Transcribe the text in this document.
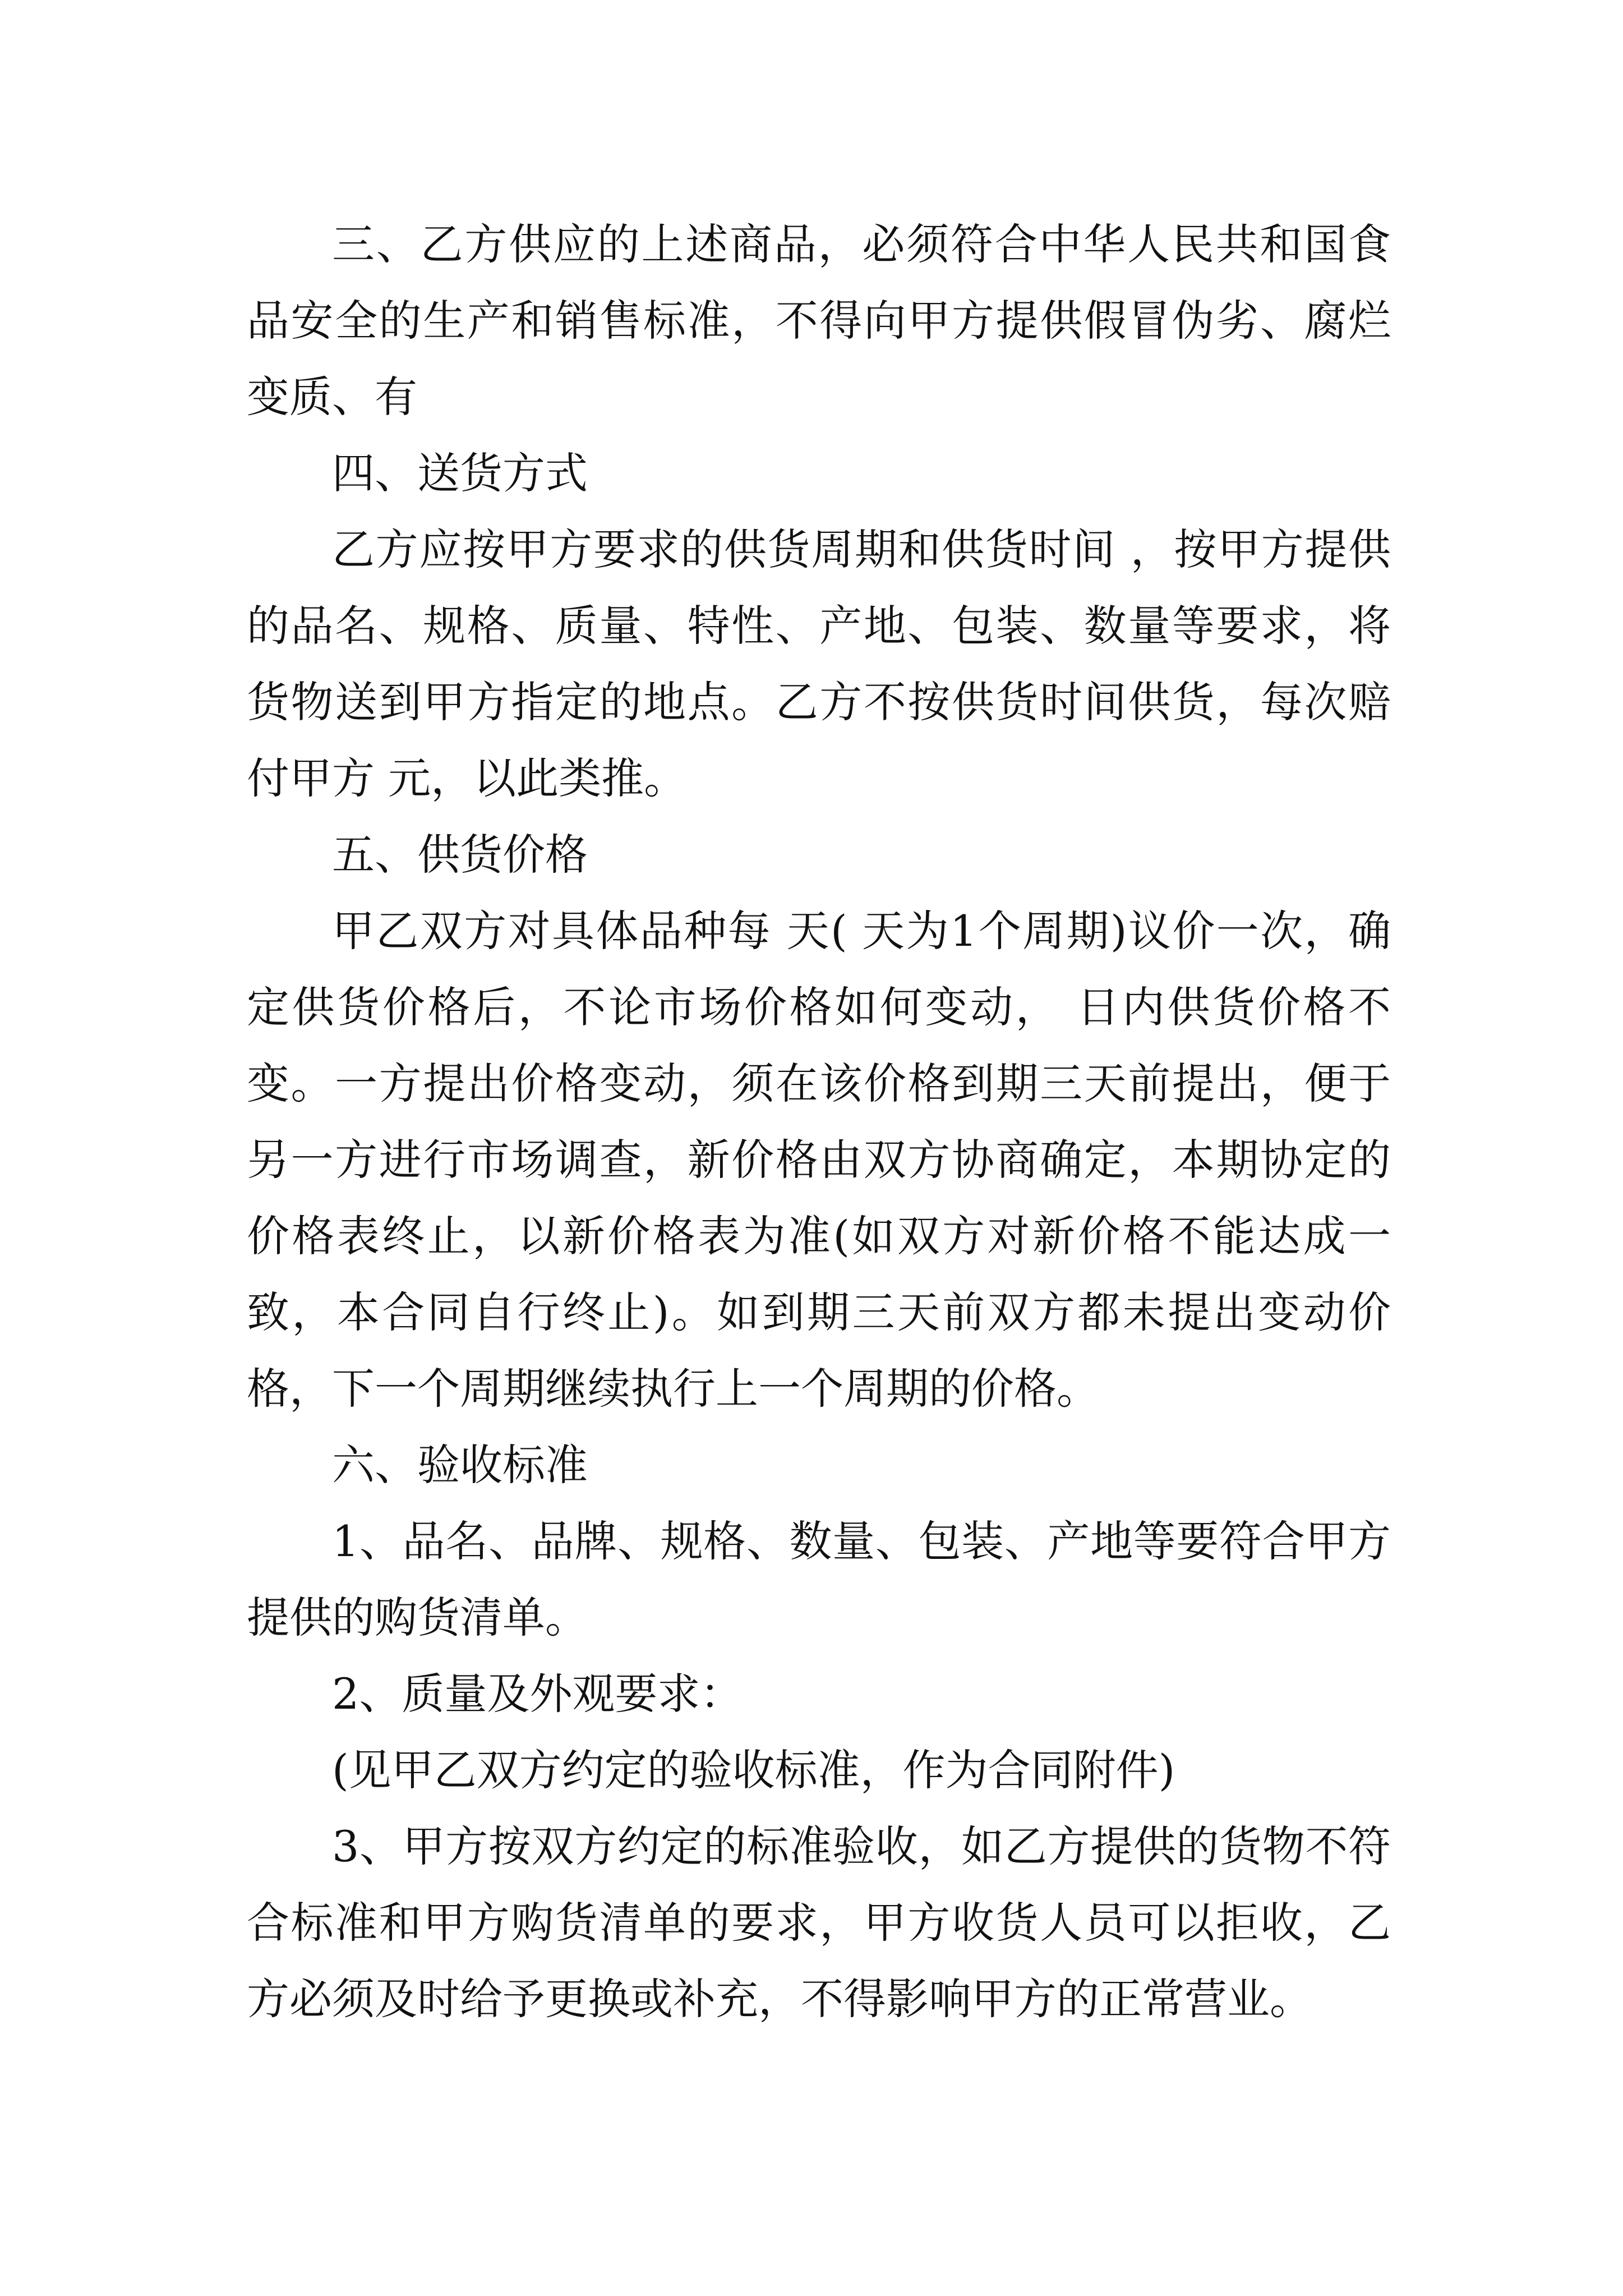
三、乙方供应的上述商品，必须符合中华人民共和国食品安全的生产和销售标准，不得向甲方提供假冒伪劣、腐烂变质、有

四、送货方式

乙方应按甲方要求的供货周期和供货时间 ，按甲方提供的品名、规格、质量、特性、产地、包装、数量等要求，将货物送到甲方指定的地点。乙方不按供货时间供货，每次赔付甲方 元，以此类推。

五、供货价格

甲乙双方对具体品种每 天( 天为1个周期)议价一次，确定供货价格后，不论市场价格如何变动， 日内供货价格不变。一方提出价格变动，须在该价格到期三天前提出，便于另一方进行市场调查，新价格由双方协商确定，本期协定的价格表终止，以新价格表为准(如双方对新价格不能达成一致，本合同自行终止)。如到期三天前双方都未提出变动价格，下一个周期继续执行上一个周期的价格。

六、验收标准

1、品名、品牌、规格、数量、包装、产地等要符合甲方提供的购货清单。

2、质量及外观要求：

(见甲乙双方约定的验收标准，作为合同附件)

3、甲方按双方约定的标准验收，如乙方提供的货物不符合标准和甲方购货清单的要求，甲方收货人员可以拒收，乙方必须及时给予更换或补充，不得影响甲方的正常营业。
